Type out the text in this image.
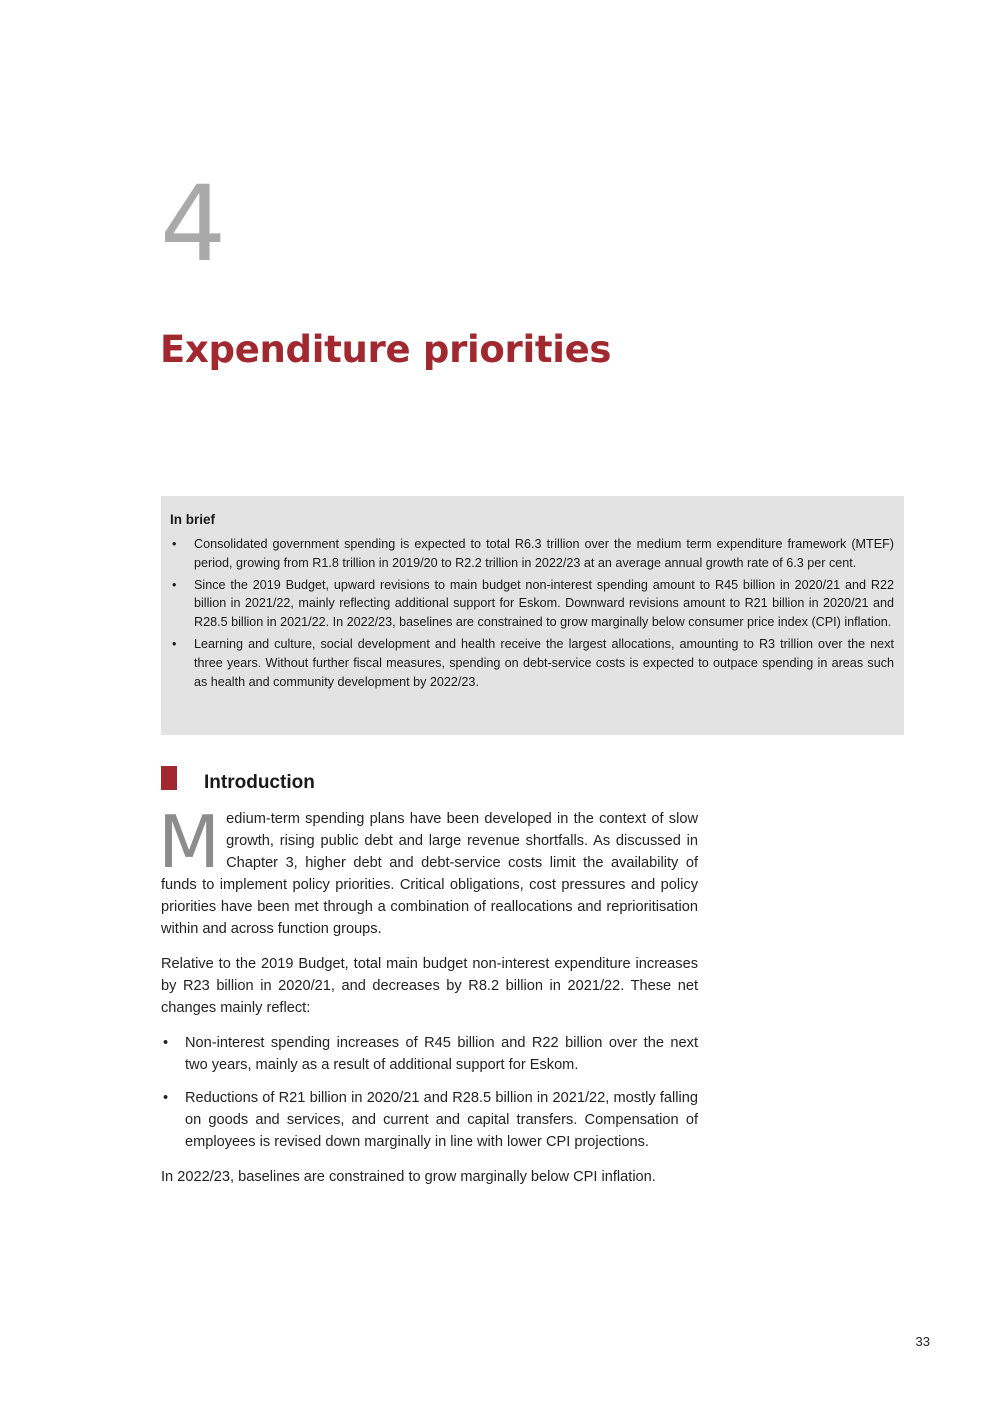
4
Expenditure priorities
In brief
• Consolidated government spending is expected to total R6.3 trillion over the medium term expenditure framework (MTEF) period, growing from R1.8 trillion in 2019/20 to R2.2 trillion in 2022/23 at an average annual growth rate of 6.3 per cent.
• Since the 2019 Budget, upward revisions to main budget non-interest spending amount to R45 billion in 2020/21 and R22 billion in 2021/22, mainly reflecting additional support for Eskom. Downward revisions amount to R21 billion in 2020/21 and R28.5 billion in 2021/22. In 2022/23, baselines are constrained to grow marginally below consumer price index (CPI) inflation.
• Learning and culture, social development and health receive the largest allocations, amounting to R3 trillion over the next three years. Without further fiscal measures, spending on debt-service costs is expected to outpace spending in areas such as health and community development by 2022/23.
Introduction

Medium-term spending plans have been developed in the context of slow growth, rising public debt and large revenue shortfalls. As discussed in Chapter 3, higher debt and debt-service costs limit the availability of funds to implement policy priorities. Critical obligations, cost pressures and policy priorities have been met through a combination of reallocations and reprioritisation within and across function groups.

Relative to the 2019 Budget, total main budget non-interest expenditure increases by R23 billion in 2020/21, and decreases by R8.2 billion in 2021/22. These net changes mainly reflect:

• Non-interest spending increases of R45 billion and R22 billion over the next two years, mainly as a result of additional support for Eskom.
• Reductions of R21 billion in 2020/21 and R28.5 billion in 2021/22, mostly falling on goods and services, and current and capital transfers. Compensation of employees is revised down marginally in line with lower CPI projections.

In 2022/23, baselines are constrained to grow marginally below CPI inflation.

33
